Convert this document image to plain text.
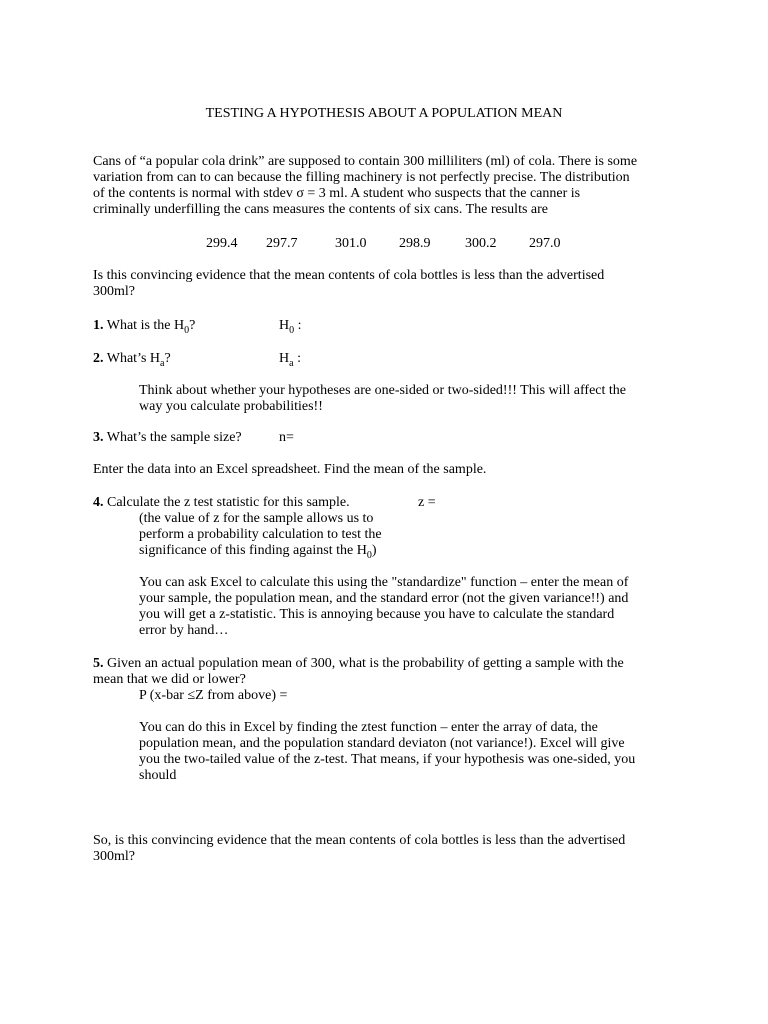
TESTING A HYPOTHESIS ABOUT A POPULATION MEAN

Cans of “a popular cola drink” are supposed to contain 300 milliliters (ml) of cola. There is some

variation from can to can because the filling machinery is not perfectly precise. The distribution

of the contents is normal with stdev σ = 3 ml. A student who suspects that the canner is

criminally underfilling the cans measures the contents of six cans. The results are

299.4 297.7	301.0 298.9 300.2 297.0

Is this convincing evidence that the mean contents of cola bottles is less than the advertised

300ml?

1. What is the $H_0$?	$H_0$ :

2. What’s $H_a$?	$H_a$ :

Think about whether your hypotheses are one-sided or two-sided!!! This will affect the

way you calculate probabilities!!

3. What’s the sample size?	n=

Enter the data into an Excel spreadsheet. Find the mean of the sample.

4. Calculate the z test statistic for this sample.	z =

(the value of z for the sample allows us to

perform a probability calculation to test the

significance of this finding against the $H_0$)

You can ask Excel to calculate this using the "standardize" function – enter the mean of

your sample, the population mean, and the standard error (not the given variance!!) and

you will get a z-statistic. This is annoying because you have to calculate the standard

error by hand…

5. Given an actual population mean of 300, what is the probability of getting a sample with the

mean that we did or lower?

P (x-bar ≤Z from above) =

You can do this in Excel by finding the ztest function – enter the array of data, the

population mean, and the population standard deviaton (not variance!). Excel will give

you the two-tailed value of the z-test. That means, if your hypothesis was one-sided, you

should

So, is this convincing evidence that the mean contents of cola bottles is less than the advertised

300ml?
